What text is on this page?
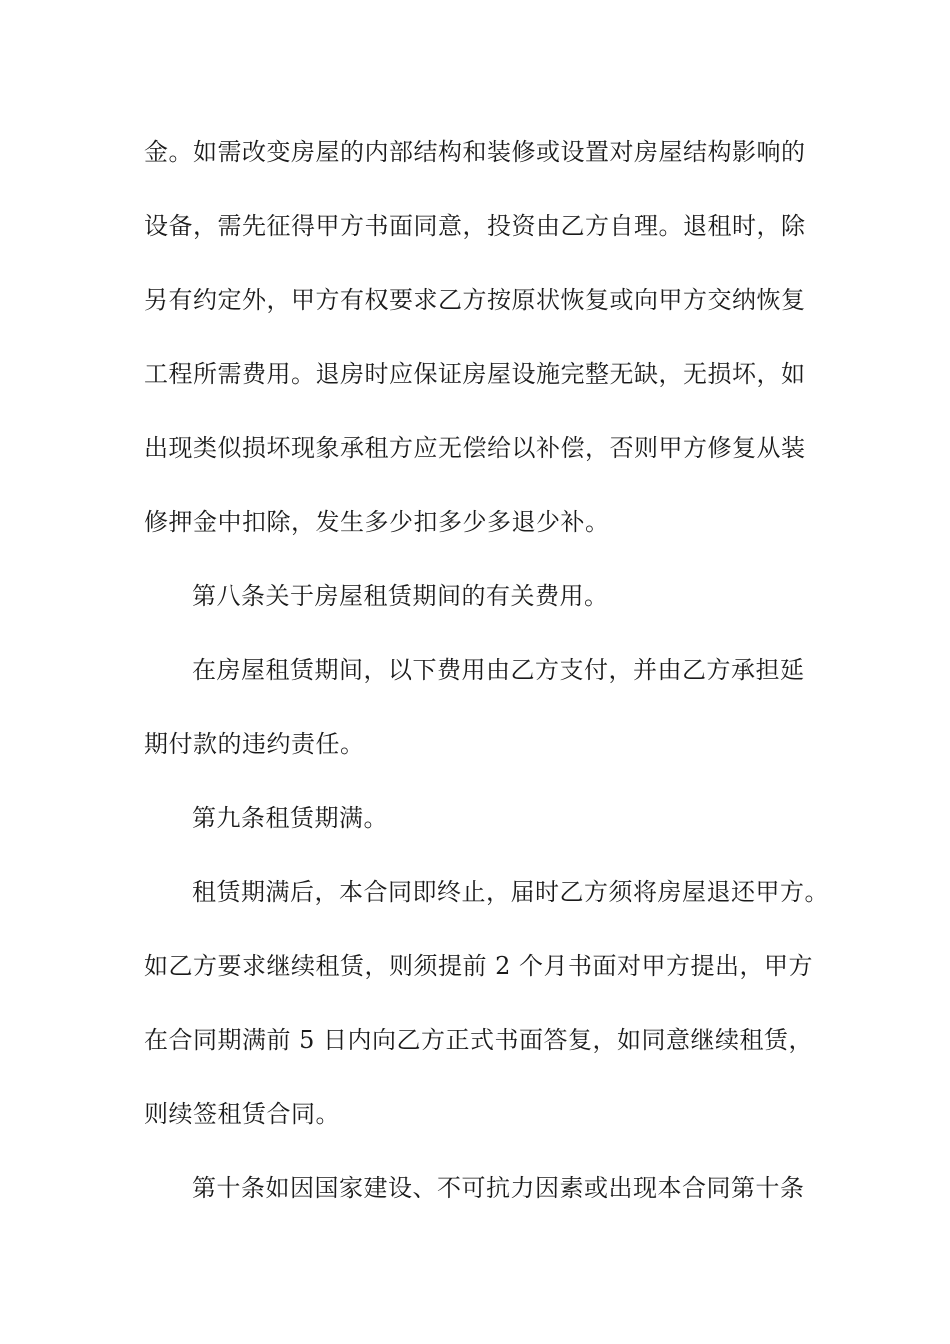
金。如需改变房屋的内部结构和装修或设置对房屋结构影响的
设备，需先征得甲方书面同意，投资由乙方自理。退租时，除
另有约定外，甲方有权要求乙方按原状恢复或向甲方交纳恢复
工程所需费用。退房时应保证房屋设施完整无缺，无损坏，如
出现类似损坏现象承租方应无偿给以补偿，否则甲方修复从装
修押金中扣除，发生多少扣多少多退少补。
第八条关于房屋租赁期间的有关费用。
在房屋租赁期间，以下费用由乙方支付，并由乙方承担延
期付款的违约责任。
第九条租赁期满。
租赁期满后，本合同即终止，届时乙方须将房屋退还甲方。
如乙方要求继续租赁，则须提前 2 个月书面对甲方提出，甲方
在合同期满前 5 日内向乙方正式书面答复，如同意继续租赁，
则续签租赁合同。
第十条如因国家建设、不可抗力因素或出现本合同第十条
